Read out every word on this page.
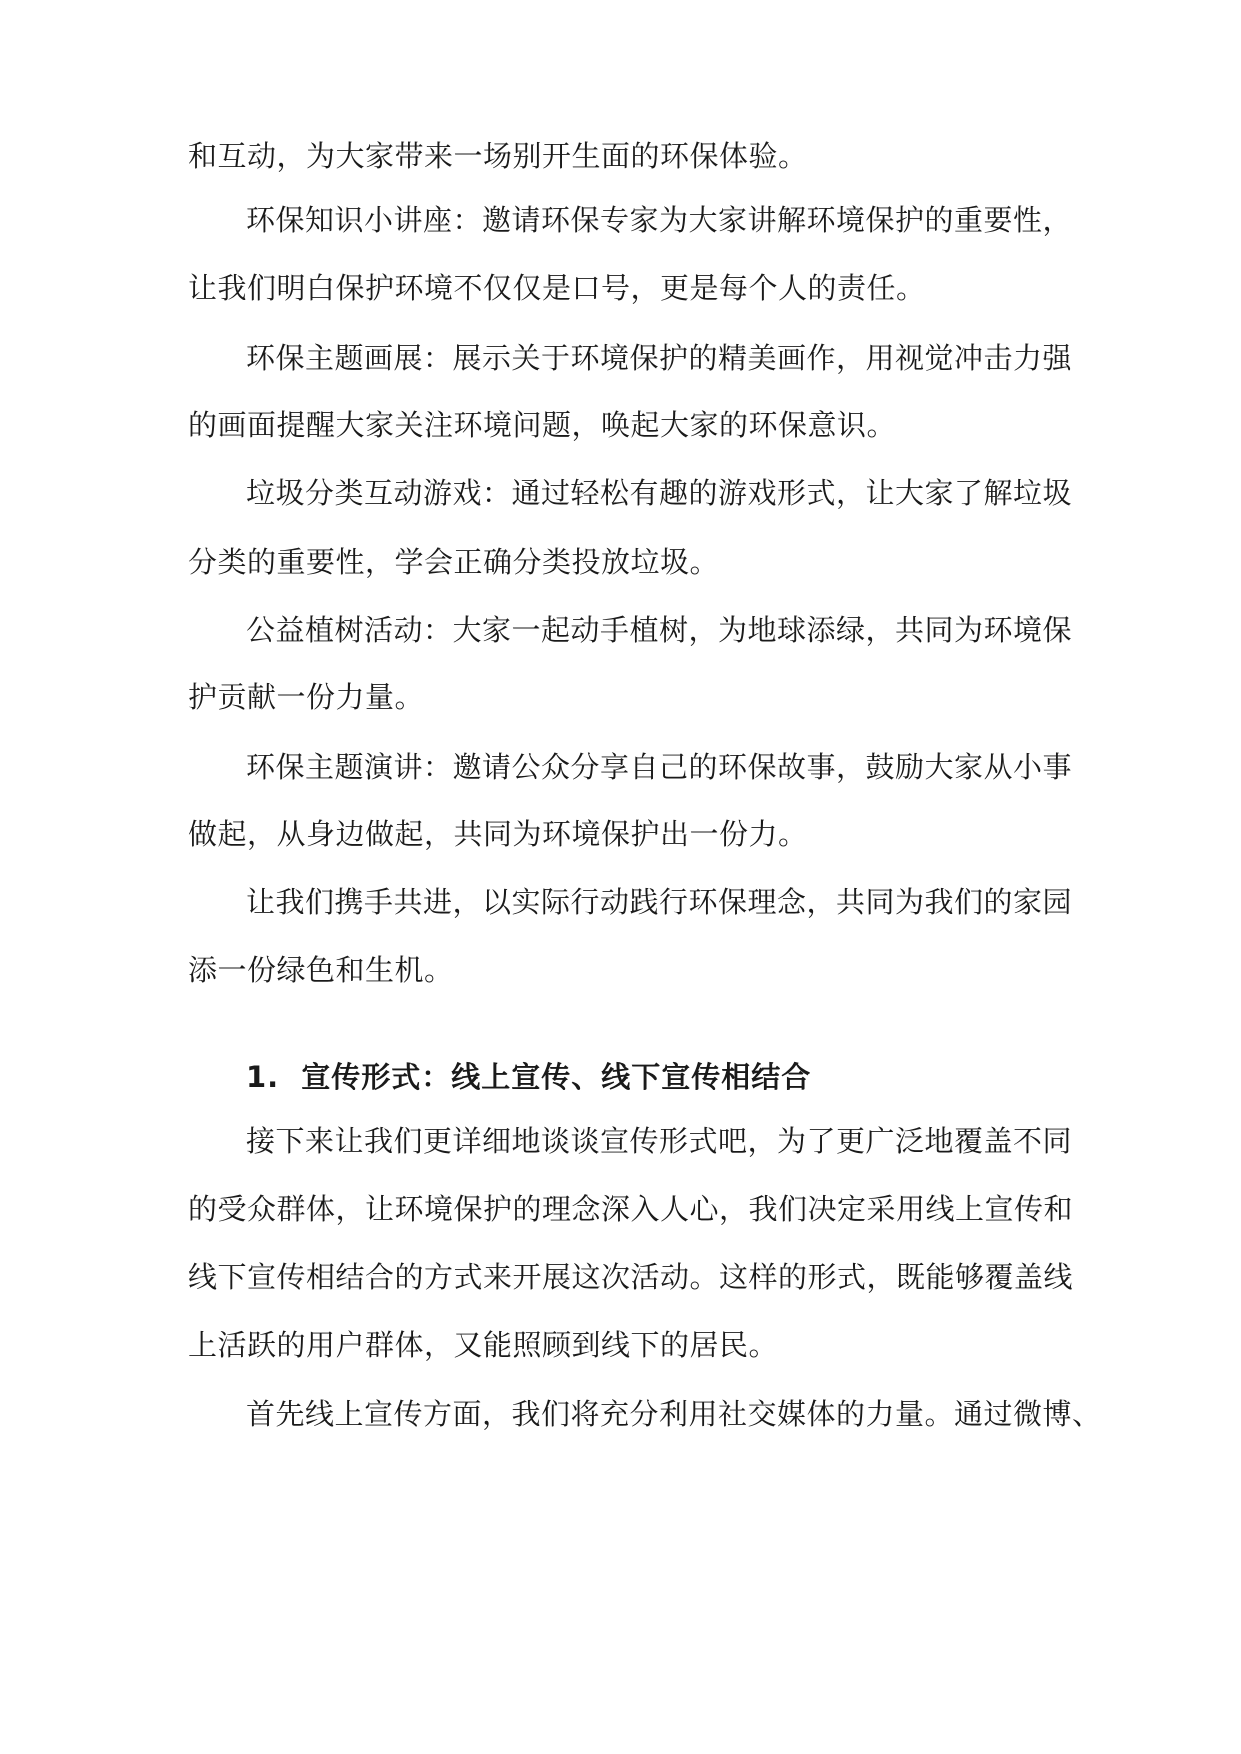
和互动，为大家带来一场别开生面的环保体验。
环保知识小讲座：邀请环保专家为大家讲解环境保护的重要性，
让我们明白保护环境不仅仅是口号，更是每个人的责任。
环保主题画展：展示关于环境保护的精美画作，用视觉冲击力强
的画面提醒大家关注环境问题，唤起大家的环保意识。
垃圾分类互动游戏：通过轻松有趣的游戏形式，让大家了解垃圾
分类的重要性，学会正确分类投放垃圾。
公益植树活动：大家一起动手植树，为地球添绿，共同为环境保
护贡献一份力量。
环保主题演讲：邀请公众分享自己的环保故事，鼓励大家从小事
做起，从身边做起，共同为环境保护出一份力。
让我们携手共进，以实际行动践行环保理念，共同为我们的家园
添一份绿色和生机。
1. 宣传形式：线上宣传、线下宣传相结合
接下来让我们更详细地谈谈宣传形式吧，为了更广泛地覆盖不同
的受众群体，让环境保护的理念深入人心，我们决定采用线上宣传和
线下宣传相结合的方式来开展这次活动。这样的形式，既能够覆盖线
上活跃的用户群体，又能照顾到线下的居民。
首先线上宣传方面，我们将充分利用社交媒体的力量。通过微博、
